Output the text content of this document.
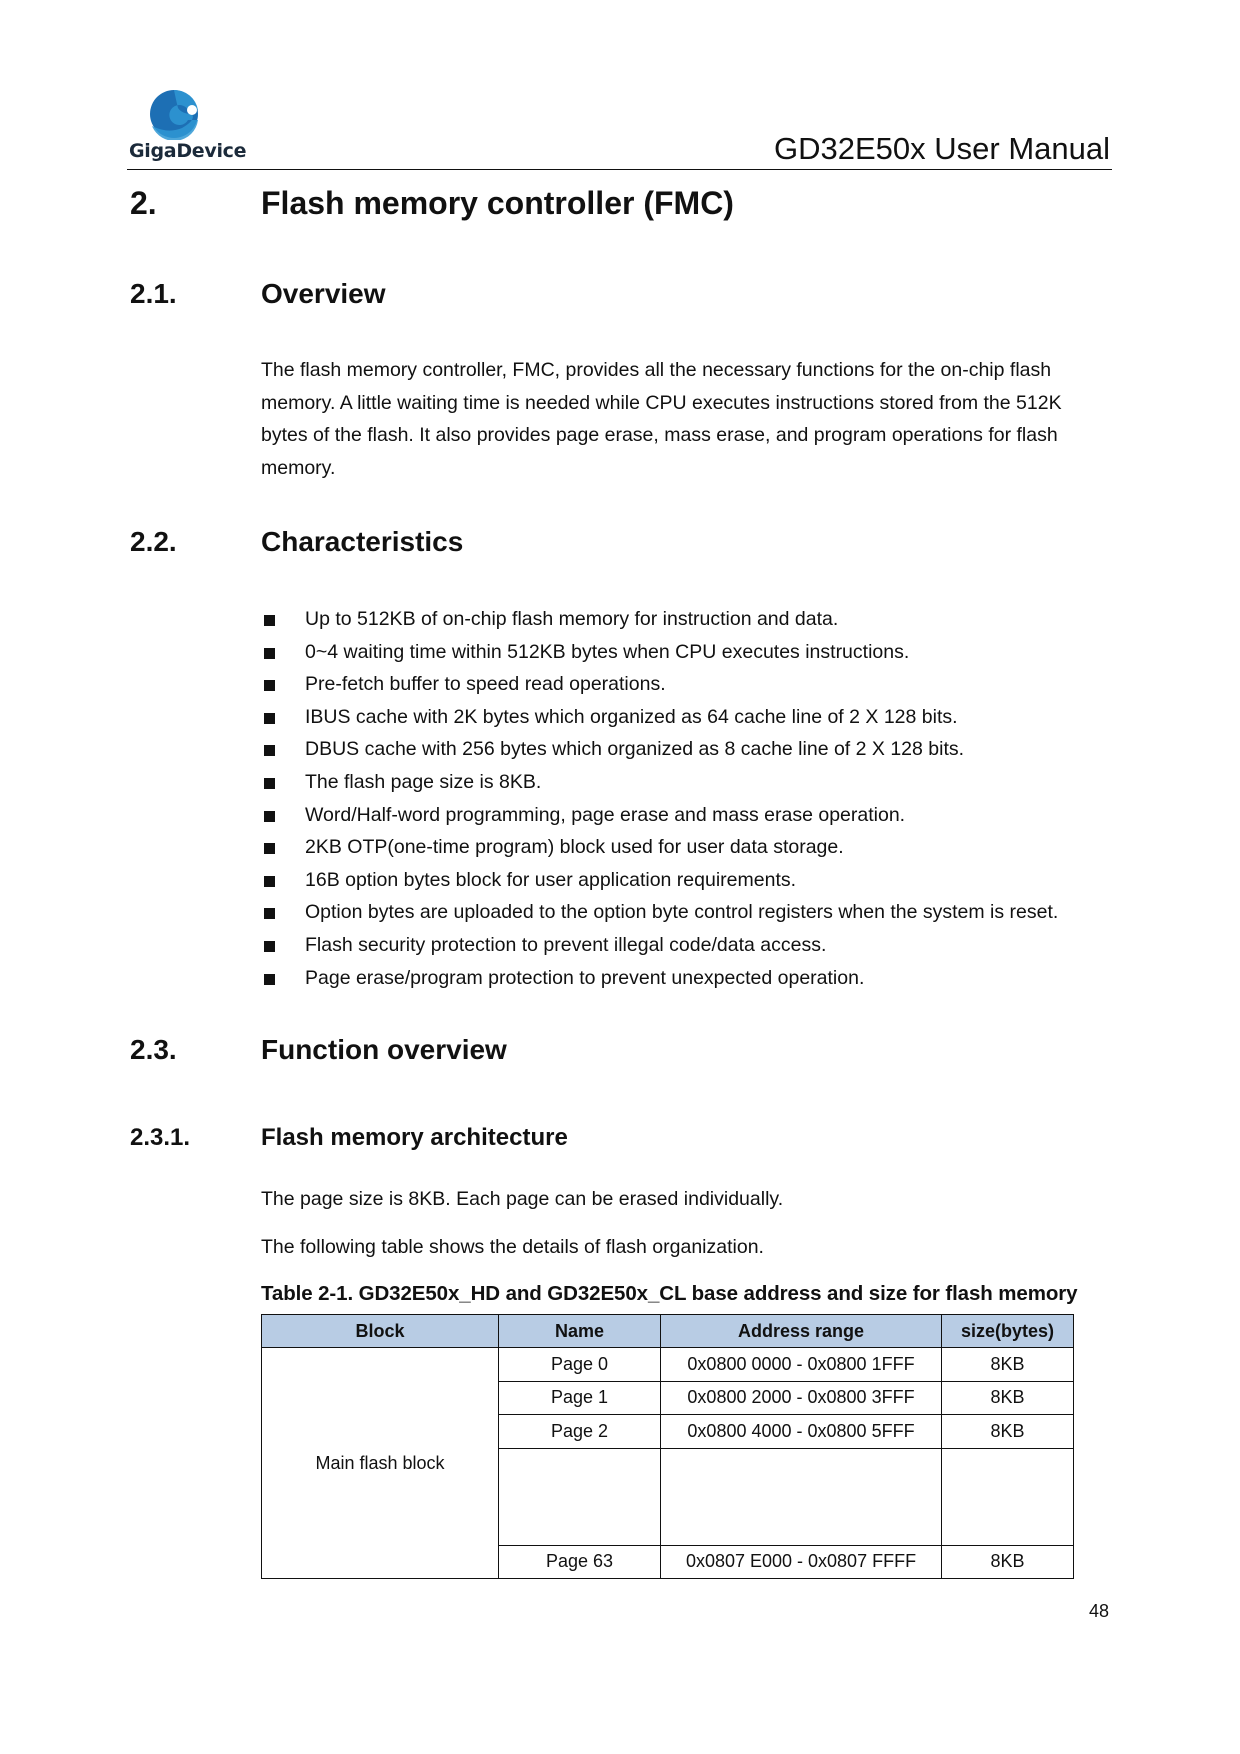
GigaDevice	GD32E50x User Manual
2.	Flash memory controller (FMC)
2.1.	Overview
The flash memory controller, FMC, provides all the necessary functions for the on-chip flash
memory. A little waiting time is needed while CPU executes instructions stored from the 512K
bytes of the flash. It also provides page erase, mass erase, and program operations for flash
memory.
2.2.	Characteristics
Up to 512KB of on-chip flash memory for instruction and data.
0~4 waiting time within 512KB bytes when CPU executes instructions.
Pre-fetch buffer to speed read operations.
IBUS cache with 2K bytes which organized as 64 cache line of 2 X 128 bits.
DBUS cache with 256 bytes which organized as 8 cache line of 2 X 128 bits.
The flash page size is 8KB.
Word/Half-word programming, page erase and mass erase operation.
2KB OTP(one-time program) block used for user data storage.
16B option bytes block for user application requirements.
Option bytes are uploaded to the option byte control registers when the system is reset.
Flash security protection to prevent illegal code/data access.
Page erase/program protection to prevent unexpected operation.
2.3.	Function overview
2.3.1.	Flash memory architecture
The page size is 8KB. Each page can be erased individually.
The following table shows the details of flash organization.
Table 2-1. GD32E50x_HD and GD32E50x_CL base address and size for flash memory
Block	Name	Address range	size(bytes)
Main flash block	Page 0	0x0800 0000 - 0x0800 1FFF	8KB
	Page 1	0x0800 2000 - 0x0800 3FFF	8KB
	Page 2	0x0800 4000 - 0x0800 5FFF	8KB

	Page 63	0x0807 E000 - 0x0807 FFFF	8KB
48
